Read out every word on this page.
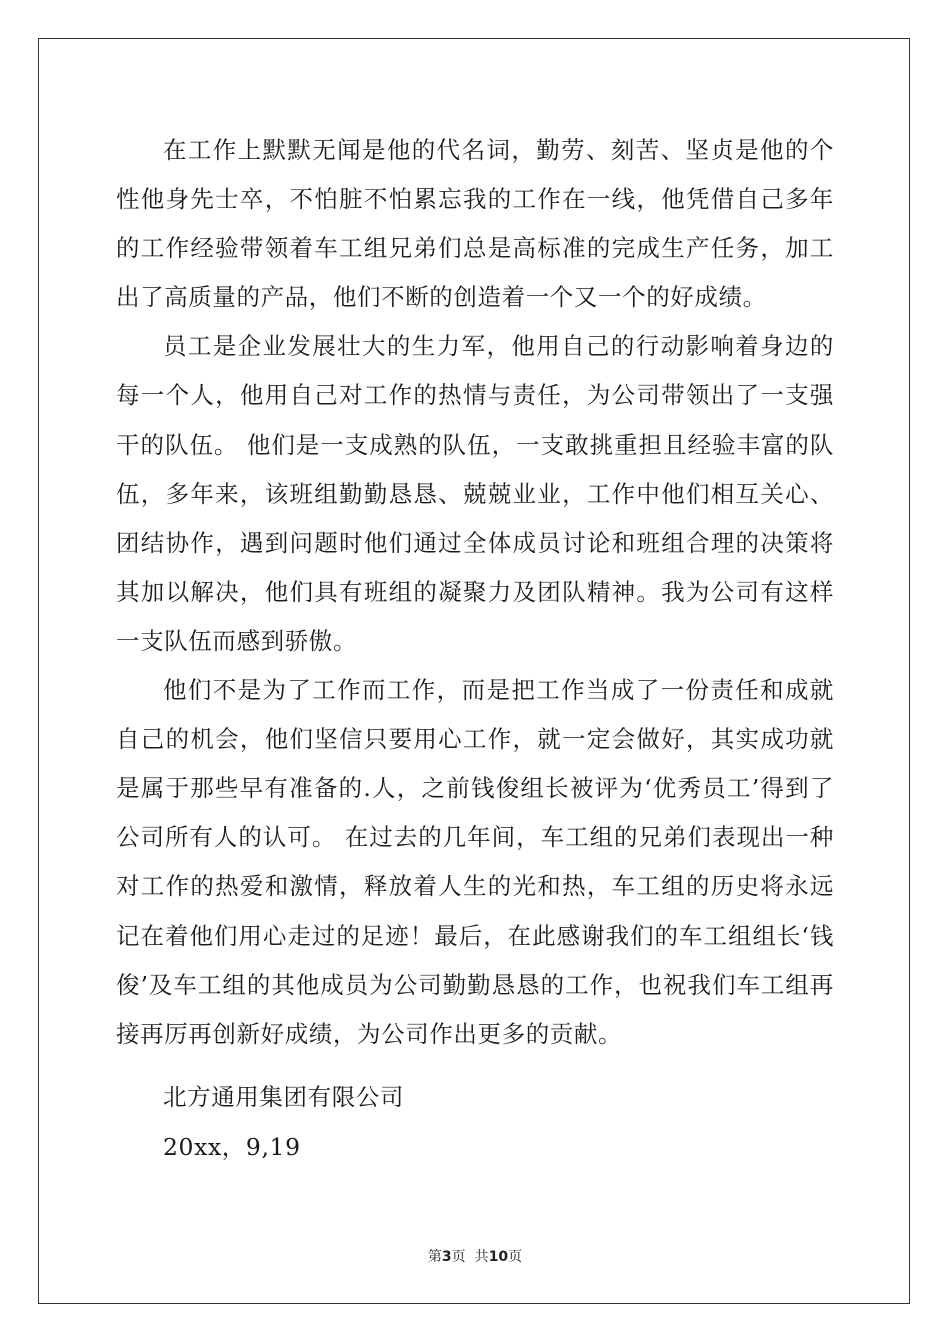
在工作上默默无闻是他的代名词，勤劳、刻苦、坚贞是他的个性他身先士卒，不怕脏不怕累忘我的工作在一线，他凭借自己多年的工作经验带领着车工组兄弟们总是高标准的完成生产任务，加工出了高质量的产品，他们不断的创造着一个又一个的好成绩。

员工是企业发展壮大的生力军，他用自己的行动影响着身边的每一个人，他用自己对工作的热情与责任，为公司带领出了一支强干的队伍。 他们是一支成熟的队伍，一支敢挑重担且经验丰富的队伍，多年来，该班组勤勤恳恳、兢兢业业，工作中他们相互关心、团结协作，遇到问题时他们通过全体成员讨论和班组合理的决策将其加以解决，他们具有班组的凝聚力及团队精神。我为公司有这样一支队伍而感到骄傲。

他们不是为了工作而工作，而是把工作当成了一份责任和成就自己的机会，他们坚信只要用心工作，就一定会做好，其实成功就是属于那些早有准备的.人，之前钱俊组长被评为‘优秀员工’得到了公司所有人的认可。 在过去的几年间，车工组的兄弟们表现出一种对工作的热爱和激情，释放着人生的光和热，车工组的历史将永远记在着他们用心走过的足迹！最后，在此感谢我们的车工组组长‘钱俊’及车工组的其他成员为公司勤勤恳恳的工作，也祝我们车工组再接再厉再创新好成绩，为公司作出更多的贡献。

北方通用集团有限公司
20xx，9,19
第3页  共10页
